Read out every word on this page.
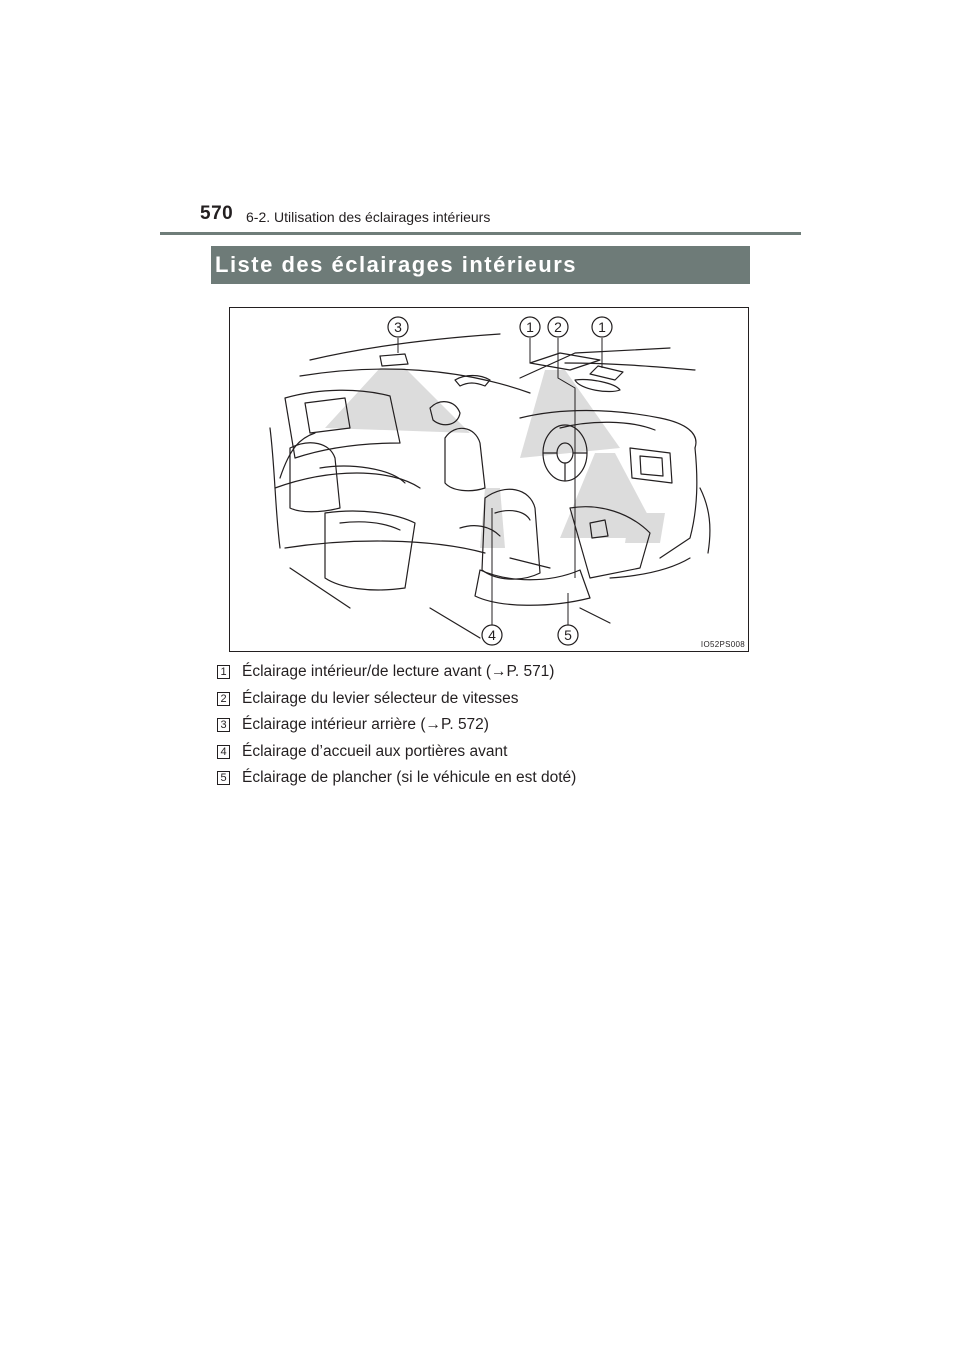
570 6-2. Utilisation des éclairages intérieurs
Liste des éclairages intérieurs
3	1 2	1
4	5
IO52PS008
1 Éclairage intérieur/de lecture avant (→P. 571)
2 Éclairage du levier sélecteur de vitesses
3 Éclairage intérieur arrière (→P. 572)
4 Éclairage d’accueil aux portières avant
5 Éclairage de plancher (si le véhicule en est doté)
